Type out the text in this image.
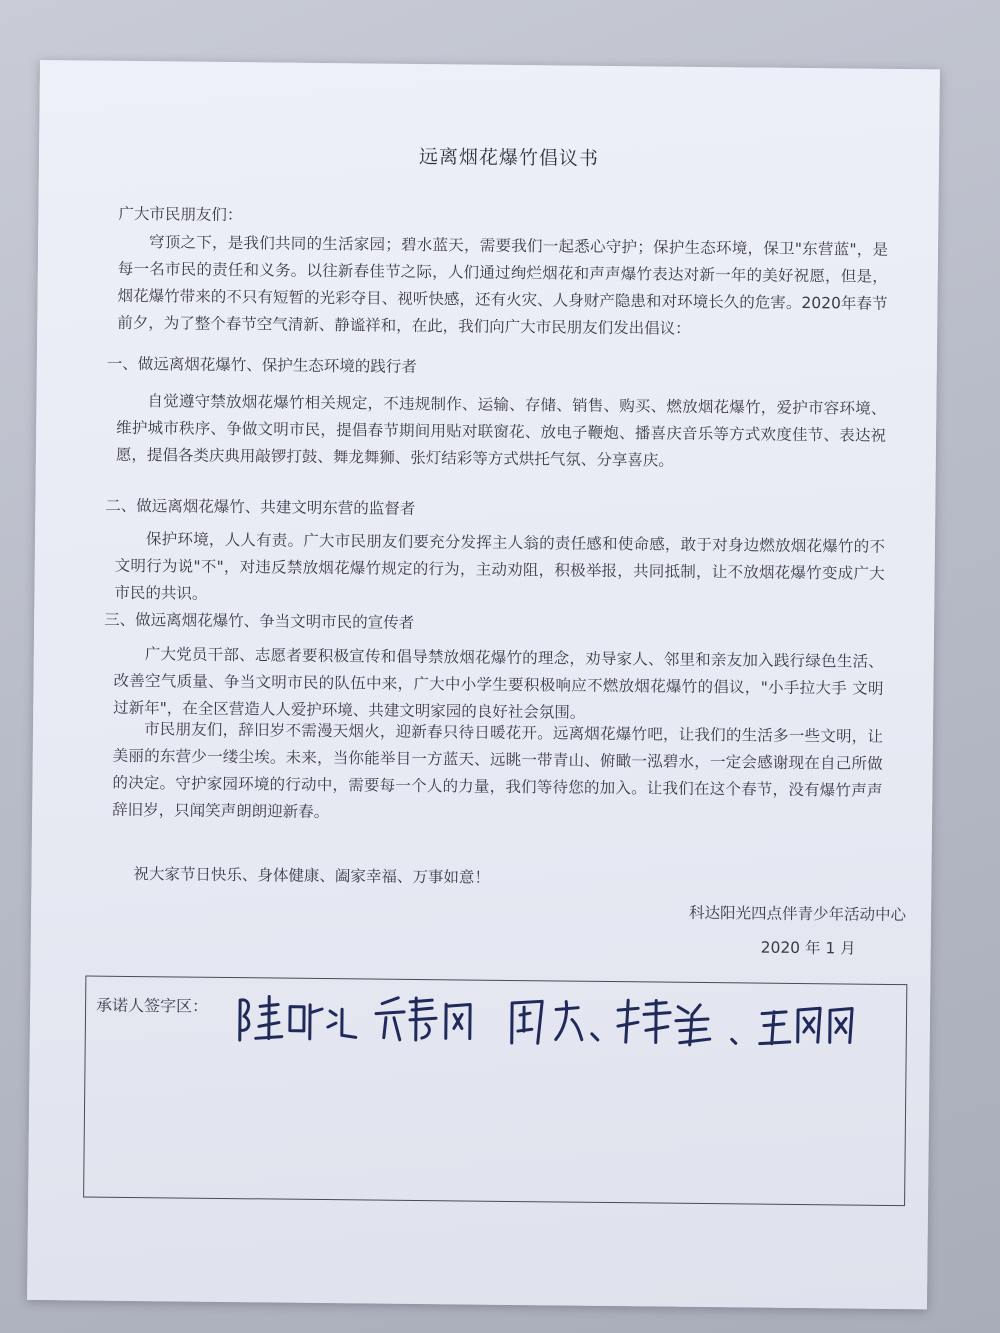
远离烟花爆竹倡议书
广大市民朋友们：

穹顶之下，是我们共同的生活家园；碧水蓝天，需要我们一起悉心守护；保护生态环境，保卫"东营蓝"，是每一名市民的责任和义务。以往新春佳节之际，人们通过绚烂烟花和声声爆竹表达对新一年的美好祝愿，但是，烟花爆竹带来的不只有短暂的光彩夺目、视听快感，还有火灾、人身财产隐患和对环境长久的危害。2020年春节前夕，为了整个春节空气清新、静谧祥和，在此，我们向广大市民朋友们发出倡议：

一、做远离烟花爆竹、保护生态环境的践行者

自觉遵守禁放烟花爆竹相关规定，不违规制作、运输、存储、销售、购买、燃放烟花爆竹，爱护市容环境、维护城市秩序、争做文明市民，提倡春节期间用贴对联窗花、放电子鞭炮、播喜庆音乐等方式欢度佳节、表达祝愿，提倡各类庆典用敲锣打鼓、舞龙舞狮、张灯结彩等方式烘托气氛、分享喜庆。

二、做远离烟花爆竹、共建文明东营的监督者

保护环境，人人有责。广大市民朋友们要充分发挥主人翁的责任感和使命感，敢于对身边燃放烟花爆竹的不文明行为说"不"，对违反禁放烟花爆竹规定的行为，主动劝阻，积极举报，共同抵制，让不放烟花爆竹变成广大市民的共识。

三、做远离烟花爆竹、争当文明市民的宣传者

广大党员干部、志愿者要积极宣传和倡导禁放烟花爆竹的理念，劝导家人、邻里和亲友加入践行绿色生活、改善空气质量、争当文明市民的队伍中来，广大中小学生要积极响应不燃放烟花爆竹的倡议，"小手拉大手 文明过新年"，在全区营造人人爱护环境、共建文明家园的良好社会氛围。

市民朋友们，辞旧岁不需漫天烟火，迎新春只待日暖花开。远离烟花爆竹吧，让我们的生活多一些文明，让美丽的东营少一缕尘埃。未来，当你能举目一方蓝天、远眺一带青山、俯瞰一泓碧水，一定会感谢现在自己所做的决定。守护家园环境的行动中，需要每一个人的力量，我们等待您的加入。让我们在这个春节，没有爆竹声声辞旧岁，只闻笑声朗朗迎新春。

祝大家节日快乐、身体健康、阖家幸福、万事如意！
科达阳光四点伴青少年活动中心
2020 年 1 月
承诺人签字区：
